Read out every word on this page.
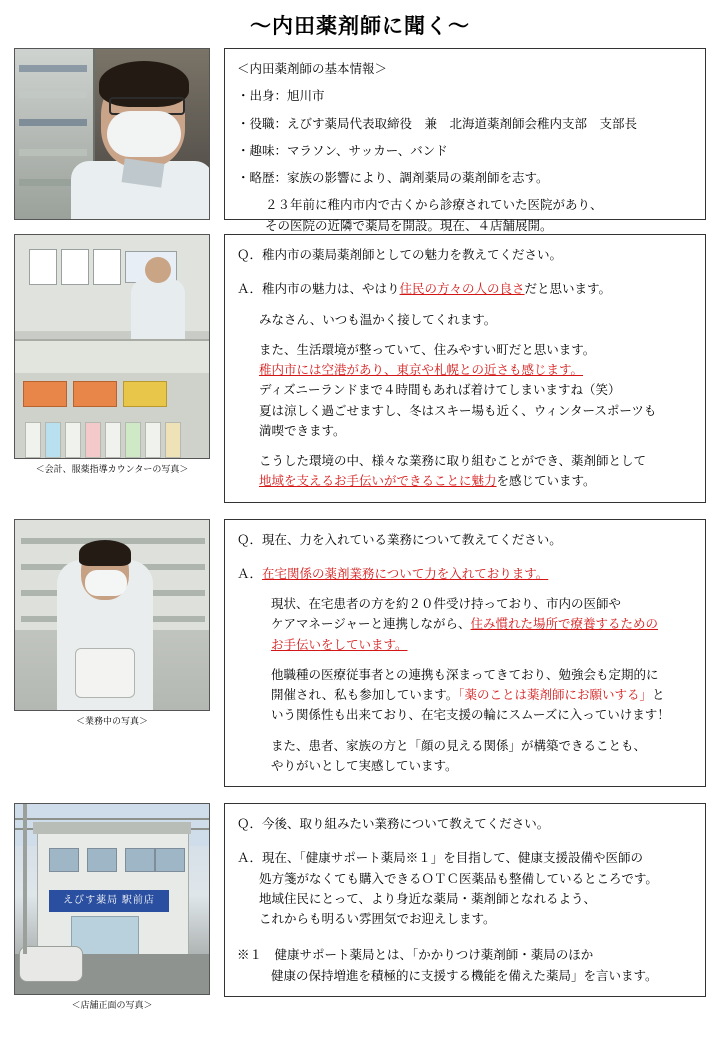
〜内田薬剤師に聞く〜

＜内田薬剤師の基本情報＞

・出身：旭川市

・役職：えびす薬局代表取締役　兼　北海道薬剤師会稚内支部　支部長

・趣味：マラソン、サッカー、バンド

・略歴：家族の影響により、調剤薬局の薬剤師を志す。

２３年前に稚内市内で古くから診療されていた医院があり、

その医院の近隣で薬局を開設。現在、４店舗展開。

＜会計、服薬指導カウンターの写真＞

Ｑ．稚内市の薬局薬剤師としての魅力を教えてください。

Ａ．稚内市の魅力は、やはり住民の方々の人の良さだと思います。

みなさん、いつも温かく接してくれます。

また、生活環境が整っていて、住みやすい町だと思います。

稚内市には空港があり、東京や札幌との近さも感じます。

ディズニーランドまで４時間もあれば着けてしまいますね（笑）

夏は涼しく過ごせますし、冬はスキー場も近く、ウィンタースポーツも

満喫できます。

こうした環境の中、様々な業務に取り組むことができ、薬剤師として

地域を支えるお手伝いができることに魅力を感じています。

＜業務中の写真＞

Ｑ．現在、力を入れている業務について教えてください。

Ａ．在宅関係の薬剤業務について力を入れております。

現状、在宅患者の方を約２０件受け持っており、市内の医師や

ケアマネージャーと連携しながら、住み慣れた場所で療養するための

お手伝いをしています。

他職種の医療従事者との連携も深まってきており、勉強会も定期的に

開催され、私も参加しています。「薬のことは薬剤師にお願いする」と

いう関係性も出来ており、在宅支援の輪にスムーズに入っていけます！

また、患者、家族の方と「顔の見える関係」が構築できることも、

やりがいとして実感しています。

えびす薬局 駅前店
＜店舗正面の写真＞

Ｑ．今後、取り組みたい業務について教えてください。

Ａ．現在、「健康サポート薬局※１」を目指して、健康支援設備や医師の

処方箋がなくても購入できるＯＴＣ医薬品も整備しているところです。

地域住民にとって、より身近な薬局・薬剤師となれるよう、

これからも明るい雰囲気でお迎えします。

※１　健康サポート薬局とは、「かかりつけ薬剤師・薬局のほか

健康の保持増進を積極的に支援する機能を備えた薬局」を言います。
